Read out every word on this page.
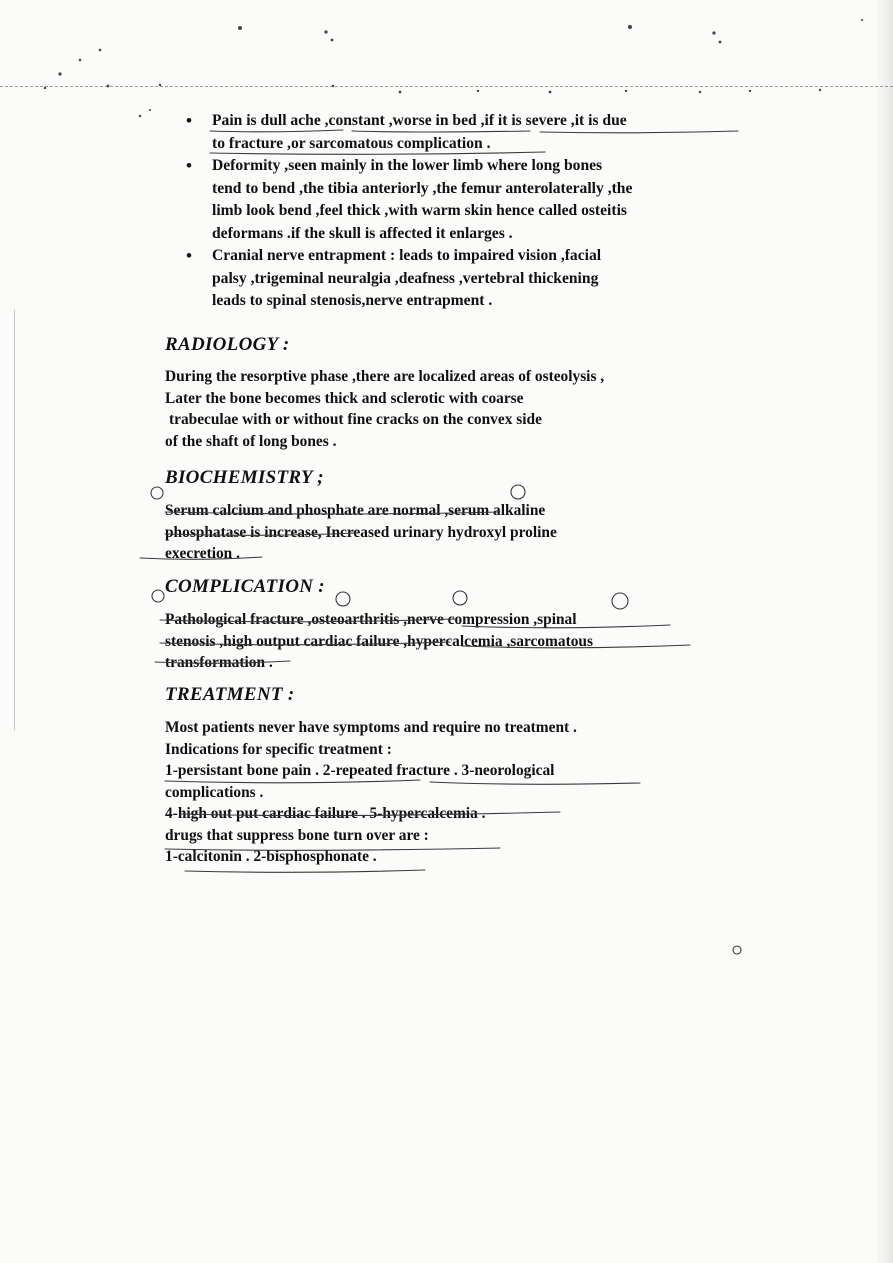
• Pain is dull ache ,constant ,worse in bed ,if it is severe ,it is due
to fracture ,or sarcomatous complication .
• Deformity ,seen mainly in the lower limb where long bones
tend to bend ,the tibia anteriorly ,the femur anterolaterally ,the
limb look bend ,feel thick ,with warm skin hence called osteitis
deformans .if the skull is affected it enlarges .
• Cranial nerve entrapment : leads to impaired vision ,facial
palsy ,trigeminal neuralgia ,deafness ,vertebral thickening
leads to spinal stenosis,nerve entrapment .
RADIOLOGY :
During the resorptive phase ,there are localized areas of osteolysis ,
Later the bone becomes thick and sclerotic with coarse
trabeculae with or without fine cracks on the convex side
of the shaft of long bones .
BIOCHEMISTRY ;
Serum calcium and phosphate are normal ,serum alkaline
phosphatase is increase, Increased urinary hydroxyl proline
execretion .
COMPLICATION :
Pathological fracture ,osteoarthritis ,nerve compression ,spinal
stenosis ,high output cardiac failure ,hypercalcemia ,sarcomatous
transformation .
TREATMENT :
Most patients never have symptoms and require no treatment .
Indications for specific treatment :
1-persistant bone pain . 2-repeated fracture . 3-neorological
complications .
4-high out put cardiac failure . 5-hypercalcemia .
drugs that suppress bone turn over are :
1-calcitonin . 2-bisphosphonate .
